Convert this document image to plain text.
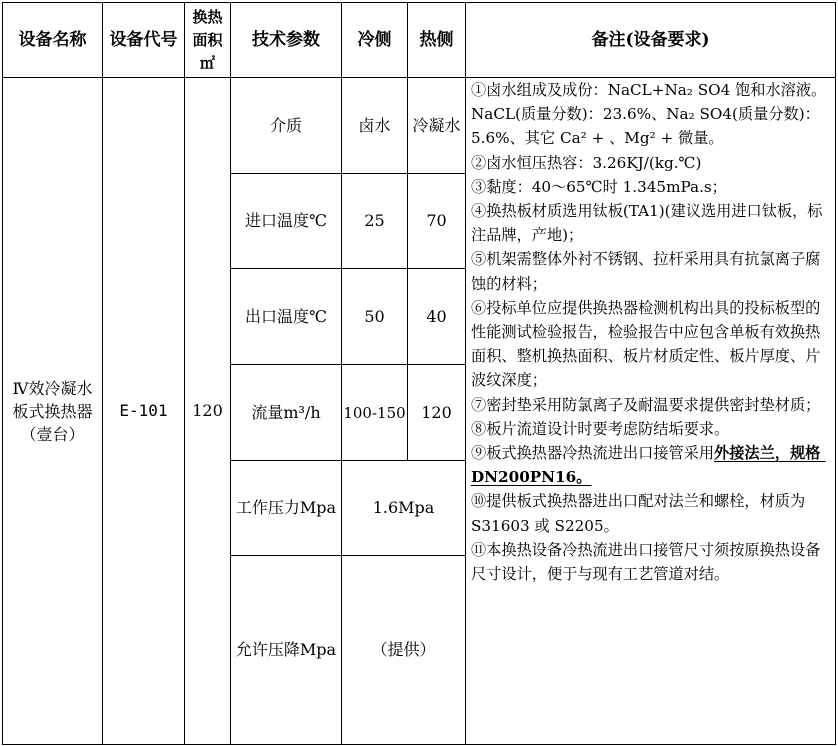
设备名称	设备代号
换热
面积
㎡
技术参数	冷侧	热侧	备注(设备要求)
Ⅳ效冷凝水
板式换热器
（壹台）
E-101	120
介质	卤水	冷凝水
进口温度℃	25	70
出口温度℃	50	40
流量m³/h	100-150 120
工作压力Mpa	1.6Mpa
允许压降Mpa	（提供）

①卤水组成及成份：NaCL+Na₂ SO4 饱和水溶液。NaCL(质量分数)：23.6%、Na₂ SO4(质量分数)：5.6%、其它 Ca² + 、Mg² + 微量。

②卤水恒压热容：3.26KJ/(kg.℃)

③黏度：40～65℃时 1.345mPa.s；

④换热板材质选用钛板(TA1)(建议选用进口钛板，标注品牌，产地)；

⑤机架需整体外衬不锈钢、拉杆采用具有抗氯离子腐蚀的材料；

⑥投标单位应提供换热器检测机构出具的投标板型的性能测试检验报告，检验报告中应包含单板有效换热面积、整机换热面积、板片材质定性、板片厚度、片波纹深度；

⑦密封垫采用防氯离子及耐温要求提供密封垫材质；

⑧板片流道设计时要考虑防结垢要求。

⑨板式换热器冷热流进出口接管采用外接法兰，规格 DN200PN16。

⑩提供板式换热器进出口配对法兰和螺栓，材质为 S31603 或 S2205。

⑪本换热设备冷热流进出口接管尺寸须按原换热设备尺寸设计，便于与现有工艺管道对结。
